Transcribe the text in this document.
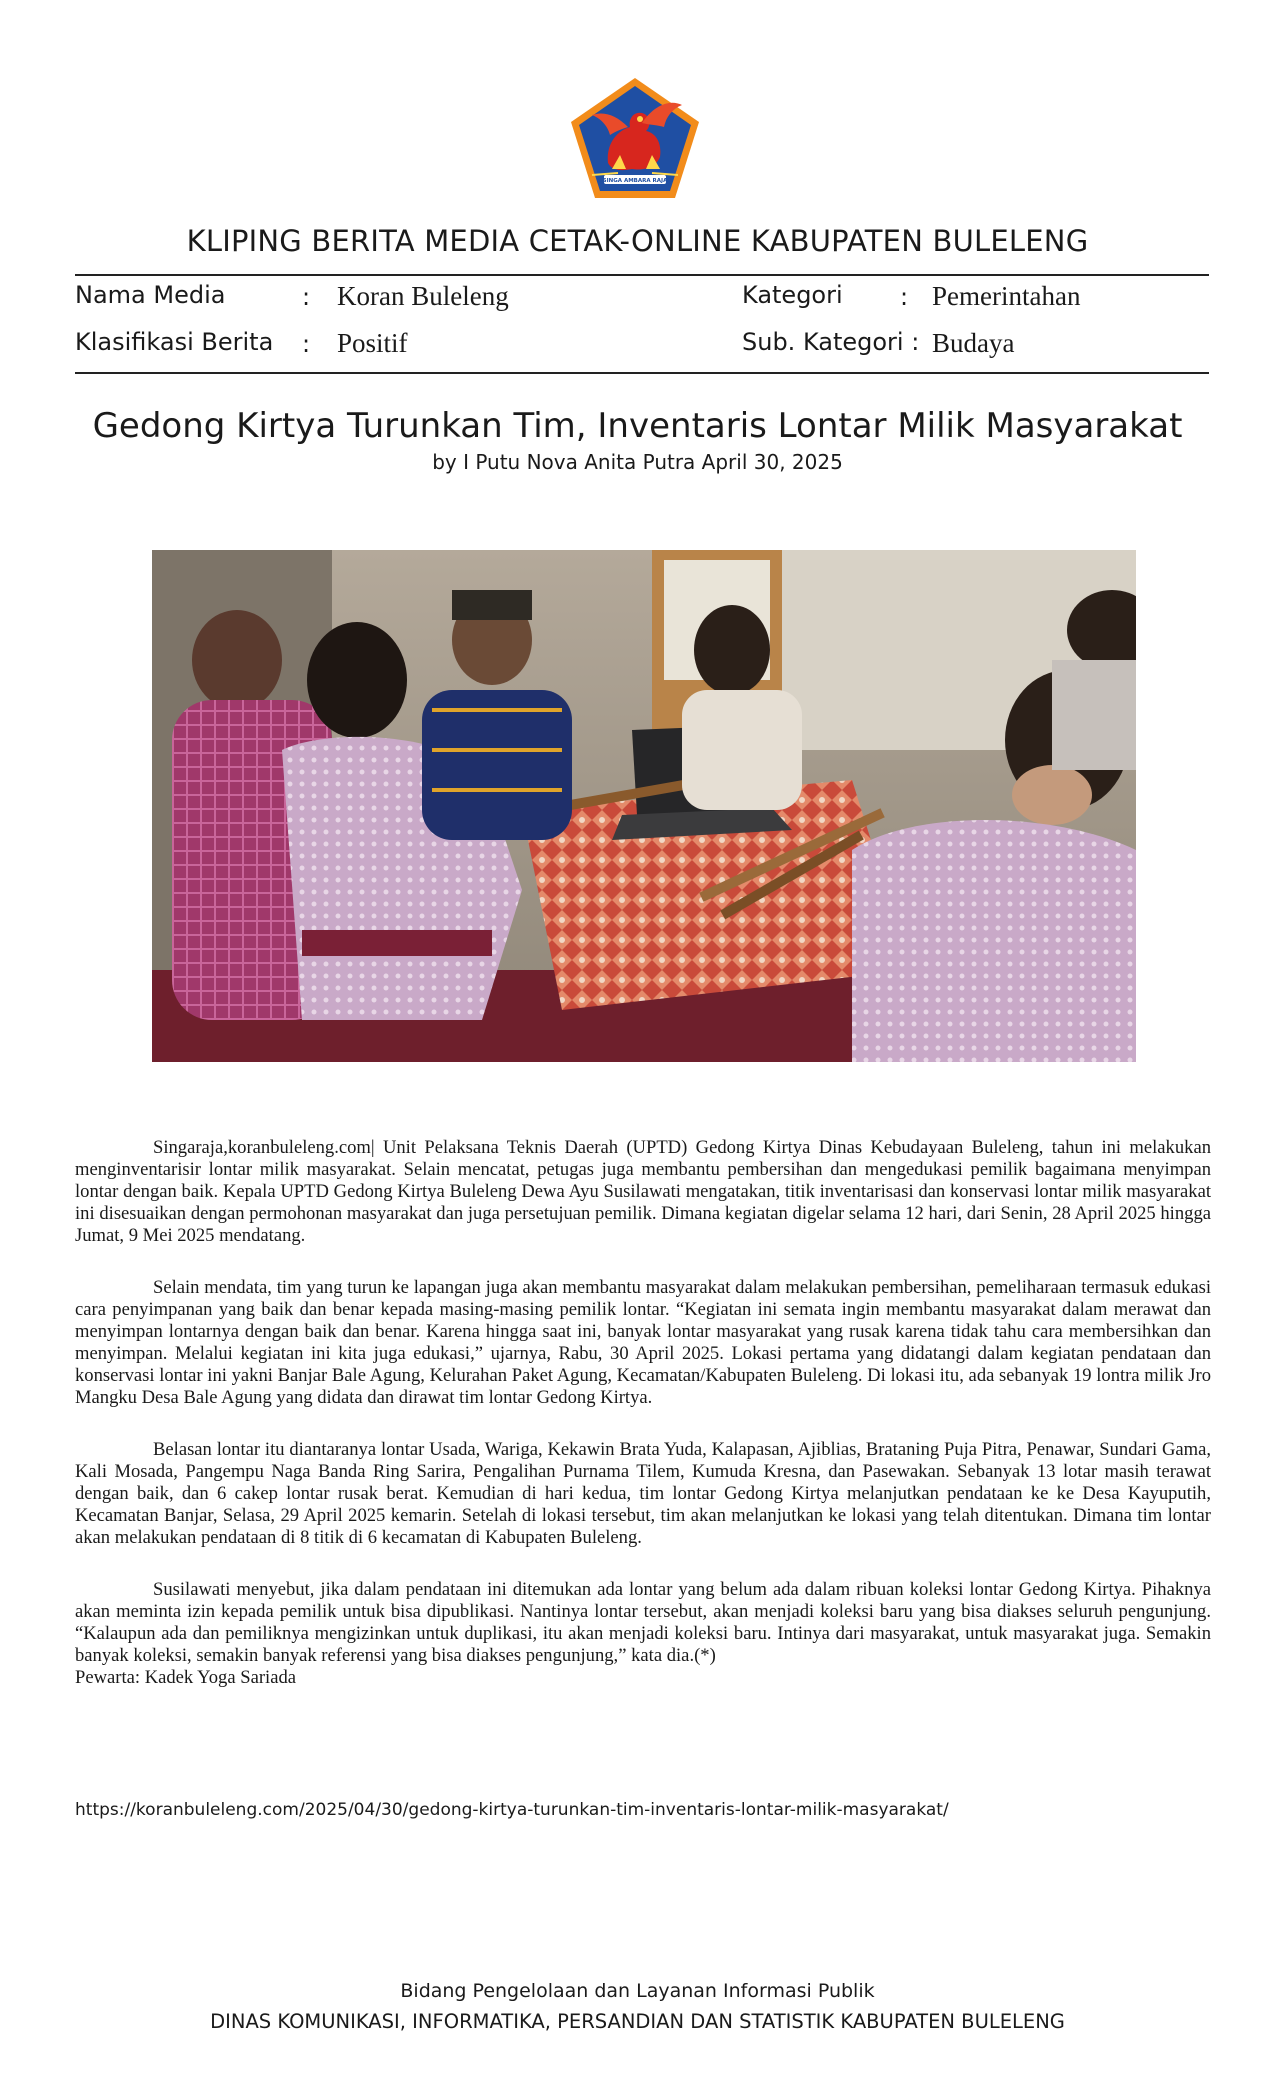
SINGA AMBARA RAJA
KLIPING BERITA MEDIA CETAK-ONLINE KABUPATEN BULELENG
Nama Media	: Koran Buleleng	Kategori : Pemerintahan
Klasifikasi Berita : Positif	Sub. Kategori : Budaya
Gedong Kirtya Turunkan Tim, Inventaris Lontar Milik Masyarakat
by I Putu Nova Anita Putra April 30, 2025

Singaraja,koranbuleleng.com| Unit Pelaksana Teknis Daerah (UPTD) Gedong Kirtya Dinas Kebudayaan Buleleng, tahun ini melakukan menginventarisir lontar milik masyarakat. Selain mencatat, petugas juga membantu pembersihan dan mengedukasi pemilik bagaimana menyimpan lontar dengan baik. Kepala UPTD Gedong Kirtya Buleleng Dewa Ayu Susilawati mengatakan, titik inventarisasi dan konservasi lontar milik masyarakat ini disesuaikan dengan permohonan masyarakat dan juga persetujuan pemilik. Dimana kegiatan digelar selama 12 hari, dari Senin, 28 April 2025 hingga Jumat, 9 Mei 2025 mendatang.

Selain mendata, tim yang turun ke lapangan juga akan membantu masyarakat dalam melakukan pembersihan, pemeliharaan termasuk edukasi cara penyimpanan yang baik dan benar kepada masing-masing pemilik lontar. “Kegiatan ini semata ingin membantu masyarakat dalam merawat dan menyimpan lontarnya dengan baik dan benar. Karena hingga saat ini, banyak lontar masyarakat yang rusak karena tidak tahu cara membersihkan dan menyimpan. Melalui kegiatan ini kita juga edukasi,” ujarnya, Rabu, 30 April 2025. Lokasi pertama yang didatangi dalam kegiatan pendataan dan konservasi lontar ini yakni Banjar Bale Agung, Kelurahan Paket Agung, Kecamatan/Kabupaten Buleleng. Di lokasi itu, ada sebanyak 19 lontra milik Jro Mangku Desa Bale Agung yang didata dan dirawat tim lontar Gedong Kirtya.

Belasan lontar itu diantaranya lontar Usada, Wariga, Kekawin Brata Yuda, Kalapasan, Ajiblias, Brataning Puja Pitra, Penawar, Sundari Gama, Kali Mosada, Pangempu Naga Banda Ring Sarira, Pengalihan Purnama Tilem, Kumuda Kresna, dan Pasewakan. Sebanyak 13 lotar masih terawat dengan baik, dan 6 cakep lontar rusak berat. Kemudian di hari kedua, tim lontar Gedong Kirtya melanjutkan pendataan ke ke Desa Kayuputih, Kecamatan Banjar, Selasa, 29 April 2025 kemarin. Setelah di lokasi tersebut, tim akan melanjutkan ke lokasi yang telah ditentukan. Dimana tim lontar akan melakukan pendataan di 8 titik di 6 kecamatan di Kabupaten Buleleng.

Susilawati menyebut, jika dalam pendataan ini ditemukan ada lontar yang belum ada dalam ribuan koleksi lontar Gedong Kirtya. Pihaknya akan meminta izin kepada pemilik untuk bisa dipublikasi. Nantinya lontar tersebut, akan menjadi koleksi baru yang bisa diakses seluruh pengunjung. “Kalaupun ada dan pemiliknya mengizinkan untuk duplikasi, itu akan menjadi koleksi baru. Intinya dari masyarakat, untuk masyarakat juga. Semakin banyak koleksi, semakin banyak referensi yang bisa diakses pengunjung,” kata dia.(*)

Pewarta: Kadek Yoga Sariada
https://koranbuleleng.com/2025/04/30/gedong-kirtya-turunkan-tim-inventaris-lontar-milik-masyarakat/
Bidang Pengelolaan dan Layanan Informasi Publik
DINAS KOMUNIKASI, INFORMATIKA, PERSANDIAN DAN STATISTIK KABUPATEN BULELENG
